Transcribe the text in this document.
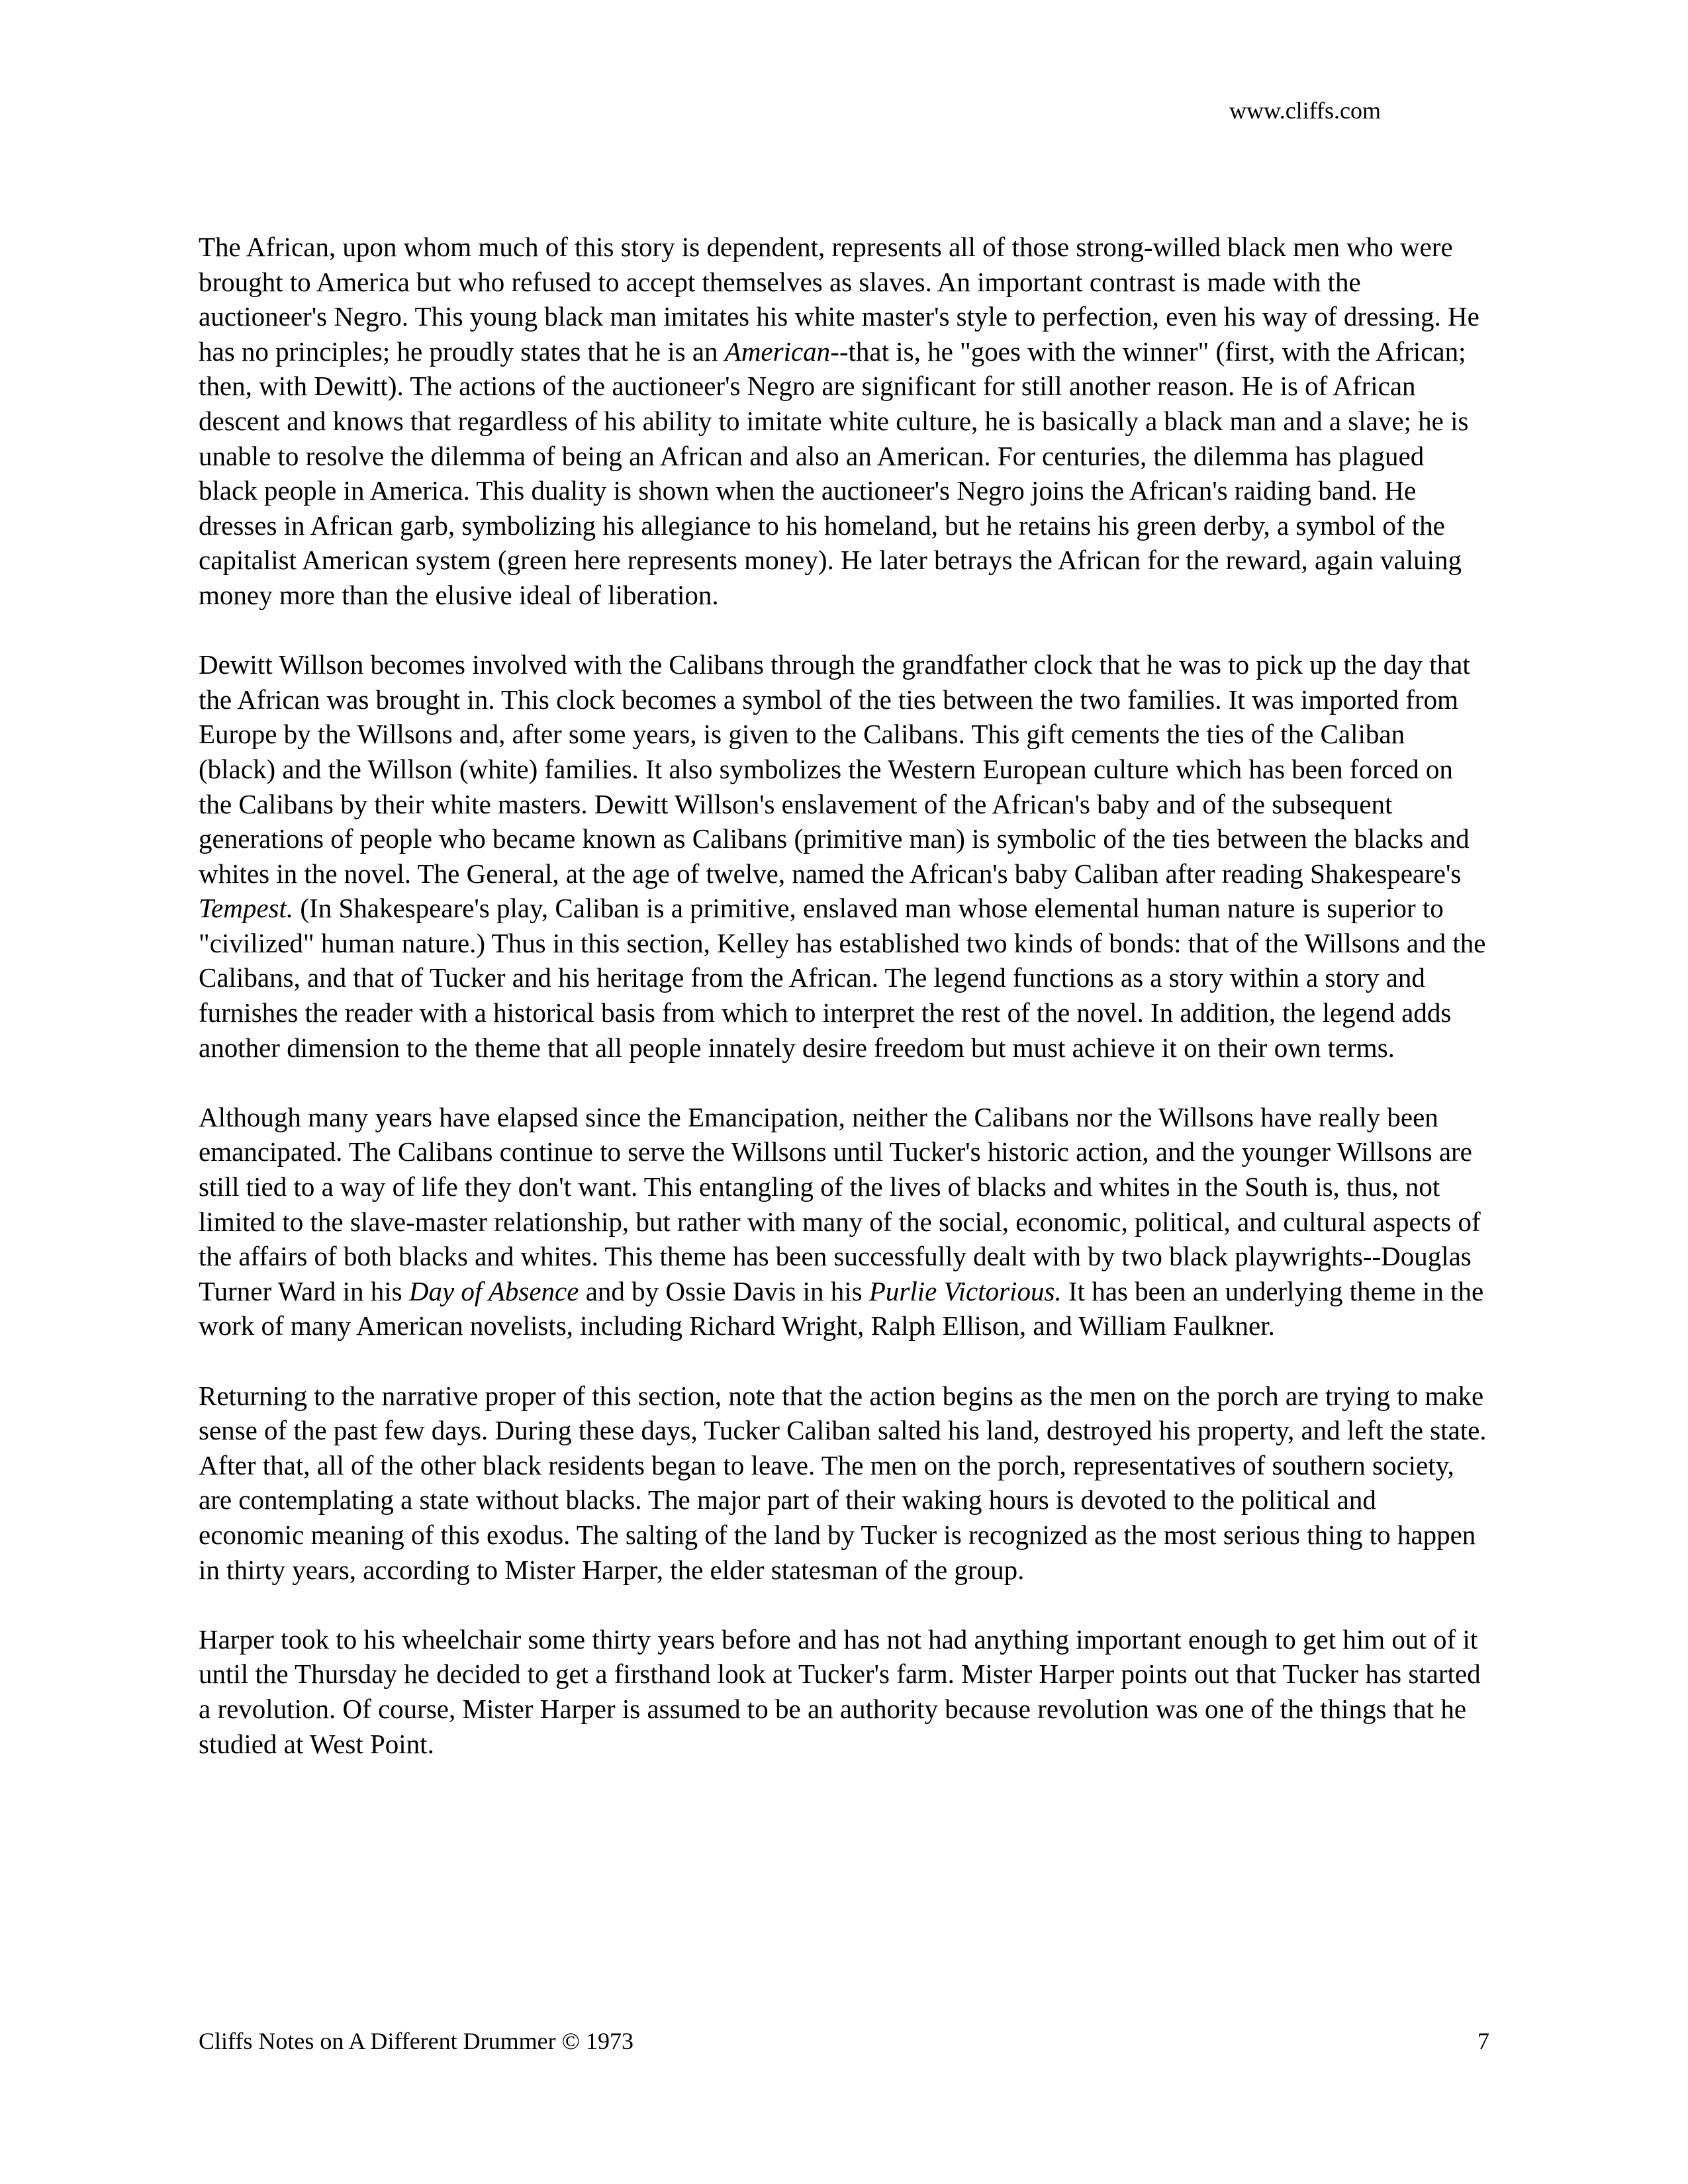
www.cliffs.com

The African, upon whom much of this story is dependent, represents all of those strong-willed black men who were brought to America but who refused to accept themselves as slaves. An important contrast is made with the auctioneer's Negro. This young black man imitates his white master's style to perfection, even his way of dressing. He has no principles; he proudly states that he is an American--that is, he "goes with the winner" (first, with the African; then, with Dewitt). The actions of the auctioneer's Negro are significant for still another reason. He is of African descent and knows that regardless of his ability to imitate white culture, he is basically a black man and a slave; he is unable to resolve the dilemma of being an African and also an American. For centuries, the dilemma has plagued black people in America. This duality is shown when the auctioneer's Negro joins the African's raiding band. He dresses in African garb, symbolizing his allegiance to his homeland, but he retains his green derby, a symbol of the capitalist American system (green here represents money). He later betrays the African for the reward, again valuing money more than the elusive ideal of liberation.

Dewitt Willson becomes involved with the Calibans through the grandfather clock that he was to pick up the day that the African was brought in. This clock becomes a symbol of the ties between the two families. It was imported from Europe by the Willsons and, after some years, is given to the Calibans. This gift cements the ties of the Caliban (black) and the Willson (white) families. It also symbolizes the Western European culture which has been forced on the Calibans by their white masters. Dewitt Willson's enslavement of the African's baby and of the subsequent generations of people who became known as Calibans (primitive man) is symbolic of the ties between the blacks and whites in the novel. The General, at the age of twelve, named the African's baby Caliban after reading Shakespeare's Tempest. (In Shakespeare's play, Caliban is a primitive, enslaved man whose elemental human nature is superior to "civilized" human nature.) Thus in this section, Kelley has established two kinds of bonds: that of the Willsons and the Calibans, and that of Tucker and his heritage from the African. The legend functions as a story within a story and furnishes the reader with a historical basis from which to interpret the rest of the novel. In addition, the legend adds another dimension to the theme that all people innately desire freedom but must achieve it on their own terms.

Although many years have elapsed since the Emancipation, neither the Calibans nor the Willsons have really been emancipated. The Calibans continue to serve the Willsons until Tucker's historic action, and the younger Willsons are still tied to a way of life they don't want. This entangling of the lives of blacks and whites in the South is, thus, not limited to the slave-master relationship, but rather with many of the social, economic, political, and cultural aspects of the affairs of both blacks and whites. This theme has been successfully dealt with by two black playwrights--Douglas Turner Ward in his Day of Absence and by Ossie Davis in his Purlie Victorious. It has been an underlying theme in the work of many American novelists, including Richard Wright, Ralph Ellison, and William Faulkner.

Returning to the narrative proper of this section, note that the action begins as the men on the porch are trying to make sense of the past few days. During these days, Tucker Caliban salted his land, destroyed his property, and left the state. After that, all of the other black residents began to leave. The men on the porch, representatives of southern society, are contemplating a state without blacks. The major part of their waking hours is devoted to the political and economic meaning of this exodus. The salting of the land by Tucker is recognized as the most serious thing to happen in thirty years, according to Mister Harper, the elder statesman of the group.

Harper took to his wheelchair some thirty years before and has not had anything important enough to get him out of it until the Thursday he decided to get a firsthand look at Tucker's farm. Mister Harper points out that Tucker has started a revolution. Of course, Mister Harper is assumed to be an authority because revolution was one of the things that he studied at West Point.

Cliffs Notes on A Different Drummer © 1973	7
